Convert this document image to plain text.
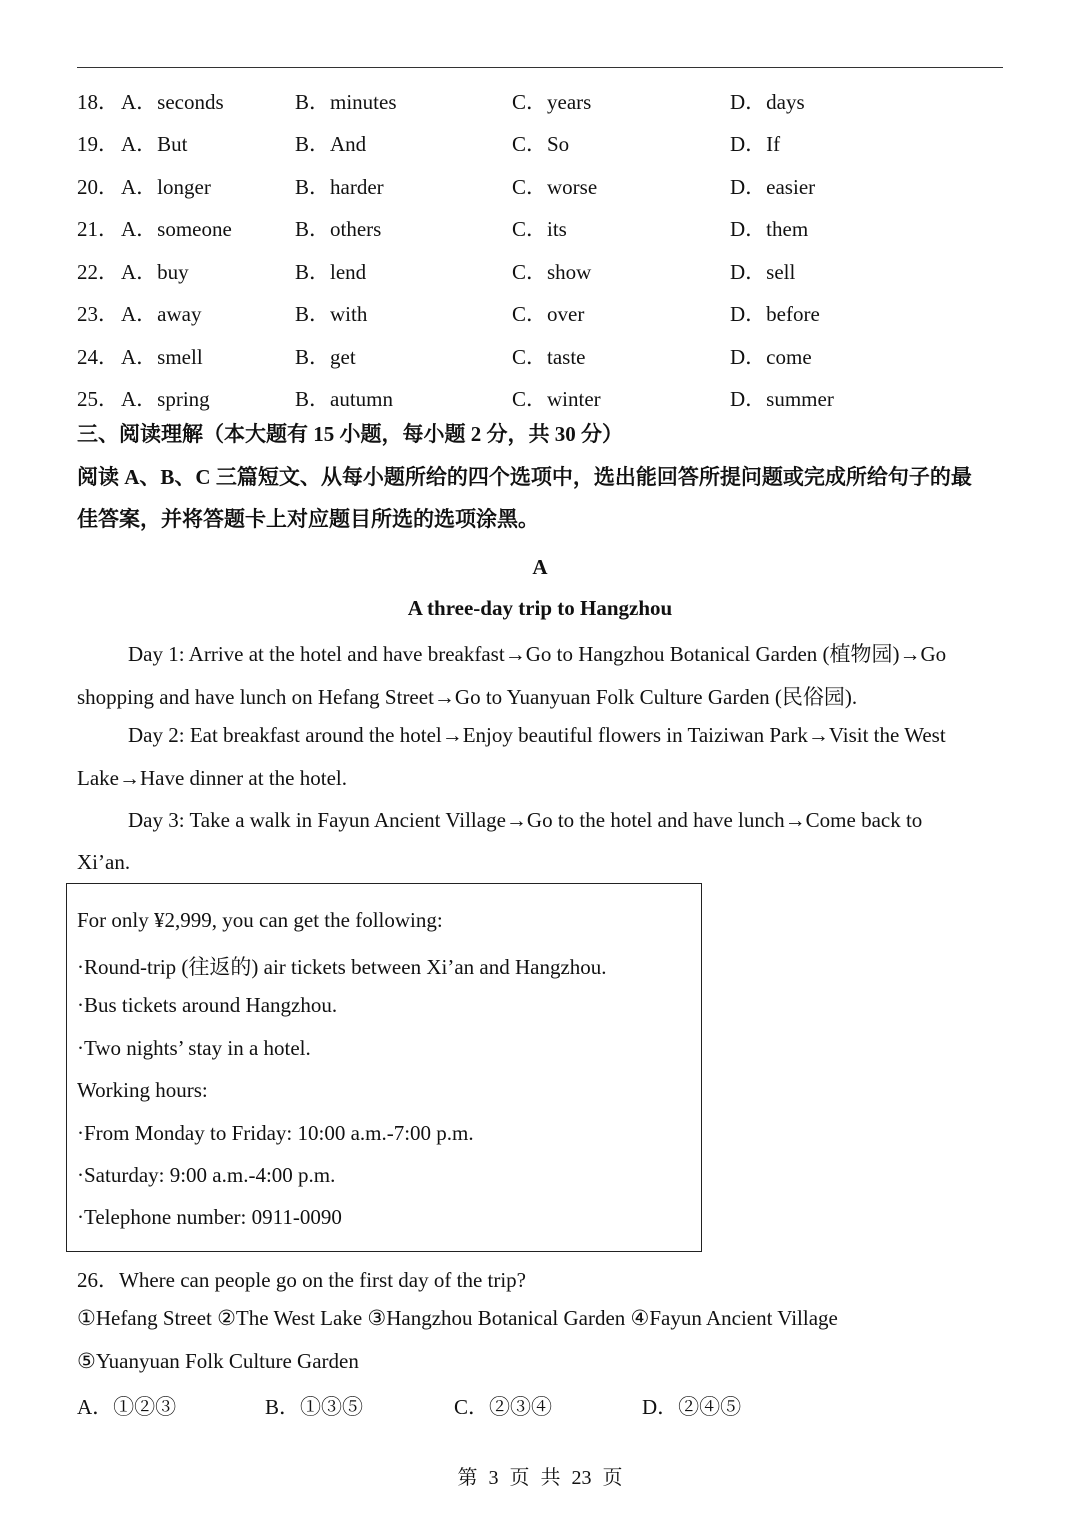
18． A．seconds	B．minutes	C．years	D．days
19． A．But	B．And	C．So	D．If
20． A．longer	B．harder	C．worse	D．easier
21． A．someone	B．others	C．its	D．them
22． A．buy	B．lend	C．show	D．sell
23． A．away	B．with	C．over	D．before
24． A．smell	B．get	C．taste	D．come
25． A．spring	B．autumn	C．winter	D．summer
三、阅读理解（本大题有 15 小题，每小题 2 分，共 30 分）
阅读 A、B、C 三篇短文、从每小题所给的四个选项中，选出能回答所提问题或完成所给句子的最
佳答案，并将答题卡上对应题目所选的选项涂黑。
A
A three-day trip to Hangzhou
Day 1: Arrive at the hotel and have breakfast→Go to Hangzhou Botanical Garden (植物园)→Go
shopping and have lunch on Hefang Street→Go to Yuanyuan Folk Culture Garden (民俗园).
Day 2: Eat breakfast around the hotel→Enjoy beautiful flowers in Taiziwan Park→Visit the West
Lake→Have dinner at the hotel.
Day 3: Take a walk in Fayun Ancient Village→Go to the hotel and have lunch→Come back to
Xi’an.
For only ¥2,999, you can get the following:
·Round-trip (往返的) air tickets between Xi’an and Hangzhou.
·Bus tickets around Hangzhou.
·Two nights’ stay in a hotel.
Working hours:
·From Monday to Friday: 10:00 a.m.-7:00 p.m.
·Saturday: 9:00 a.m.-4:00 p.m.
·Telephone number: 0911-0090
26．Where can people go on the first day of the trip?
①Hefang Street ②The West Lake ③Hangzhou Botanical Garden ④Fayun Ancient Village
⑤Yuanyuan Folk Culture Garden
A．①②③	B．①③⑤	C．②③④	D．②④⑤
第 3 页 共 23 页
